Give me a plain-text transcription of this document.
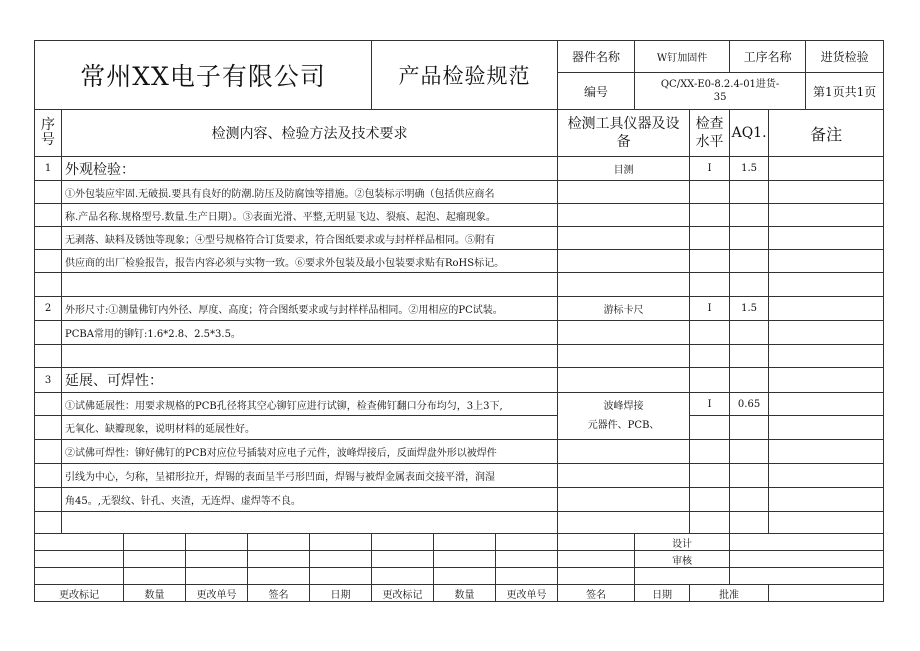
常州XX电子有限公司						产品检验规范			器件名称	W钉加固件		工序名称		进货检验
									编号	QC/XX-E0-8.2.4-01进货-
35				第1页共1页
序号	检测内容、检验方法及技术要求								检测工具仪器及设备		检查水平	AQ1.	备注	
1	外观检验：								目测		I	1.5		
	①外包装应牢固.无破损.要具有良好的防潮.防压及防腐蚀等措施。②包装标示明确（包括供应商名													
	称.产品名称.规格型号.数量.生产日期）。③表面光滑、平整,无明显飞边、裂痕、起泡、起瘤现象。													
	无剥落、缺料及锈蚀等现象；④型号规格符合订货要求，符合图纸要求或与封样样品相同。⑤附有													
	供应商的出厂检验报告，报告内容必须与实物一致。⑥要求外包装及最小包装要求贴有RoHS标记。													

2	外形尺寸:①测量佛钉内外径、厚度、高度；符合图纸要求或与封样样品相同。②用相应的PC试装。								游标卡尺		I	1.5		
	PCBA常用的铆钉:1.6*2.8、2.5*3.5。													

3	延展、可焊性：													
	①试佛延展性：用要求规格的PCB孔径将其空心铆钉应进行试铆，检查佛钉翻口分布均匀，3上3下,								波峰焊接		I	0.65		
	无氧化、缺瓣现象，说明材料的延展性好。								元器件、PCB、					
	②试佛可焊性：铆好佛钉的PCB对应位号插装对应电子元件，波峰焊接后，反面焊盘外形以被焊件													
	引线为中心，匀称，呈裙形拉开，焊锡的表面呈半弓形凹面，焊锡与被焊金属表面交接平滑，润湿													
	角45。,无裂纹、针孔、夹渣，无连焊、虚焊等不良。													

										设计				
										审核				

更改标记		数量	更改单号	签名	日期	更改标记	数量	更改单号	签名	日期	批准			
